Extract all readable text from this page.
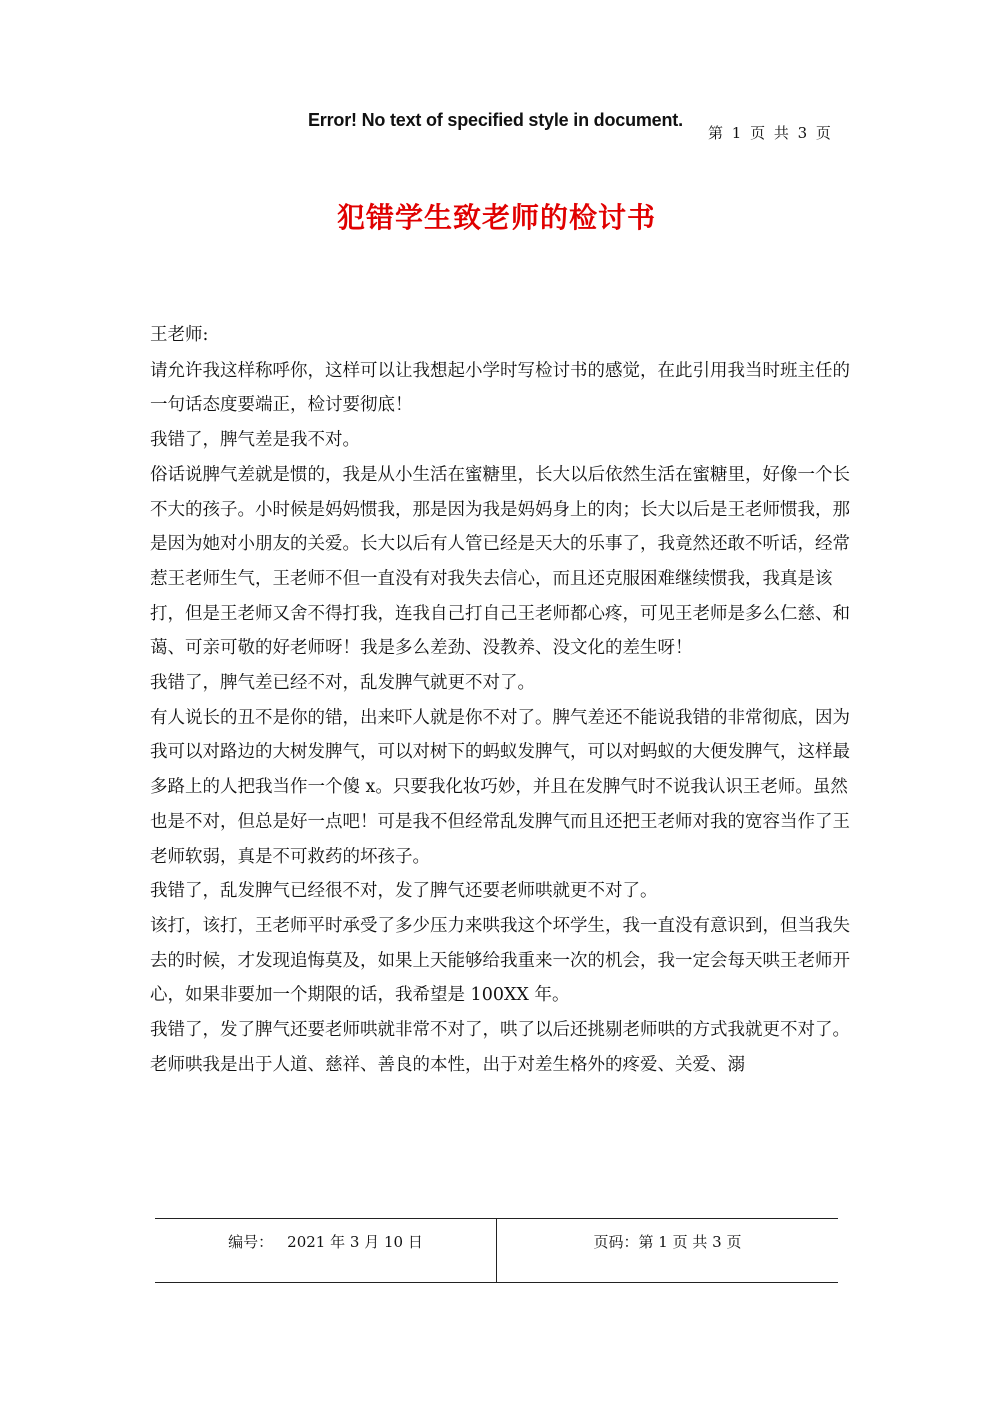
Error! No text of specified style in document.
第 1 页 共 3 页
犯错学生致老师的检讨书

王老师:

请允许我这样称呼你，这样可以让我想起小学时写检讨书的感觉，在此引用我当时班主任的一句话态度要端正，检讨要彻底！

我错了，脾气差是我不对。

俗话说脾气差就是惯的，我是从小生活在蜜糖里，长大以后依然生活在蜜糖里，好像一个长不大的孩子。小时候是妈妈惯我，那是因为我是妈妈身上的肉；长大以后是王老师惯我，那是因为她对小朋友的关爱。长大以后有人管已经是天大的乐事了，我竟然还敢不听话，经常惹王老师生气，王老师不但一直没有对我失去信心，而且还克服困难继续惯我，我真是该打，但是王老师又舍不得打我，连我自己打自己王老师都心疼，可见王老师是多么仁慈、和蔼、可亲可敬的好老师呀！我是多么差劲、没教养、没文化的差生呀！

我错了，脾气差已经不对，乱发脾气就更不对了。

有人说长的丑不是你的错，出来吓人就是你不对了。脾气差还不能说我错的非常彻底，因为我可以对路边的大树发脾气，可以对树下的蚂蚁发脾气，可以对蚂蚁的大便发脾气，这样最多路上的人把我当作一个傻 x。只要我化妆巧妙，并且在发脾气时不说我认识王老师。虽然也是不对，但总是好一点吧！可是我不但经常乱发脾气而且还把王老师对我的宽容当作了王老师软弱，真是不可救药的坏孩子。

我错了，乱发脾气已经很不对，发了脾气还要老师哄就更不对了。

该打，该打，王老师平时承受了多少压力来哄我这个坏学生，我一直没有意识到，但当我失去的时候，才发现追悔莫及，如果上天能够给我重来一次的机会，我一定会每天哄王老师开心，如果非要加一个期限的话，我希望是 100XX 年。

我错了，发了脾气还要老师哄就非常不对了，哄了以后还挑剔老师哄的方式我就更不对了。

老师哄我是出于人道、慈祥、善良的本性，出于对差生格外的疼爱、关爱、溺

编号： 2021 年 3 月 10 日	页码：第 1 页 共 3 页
